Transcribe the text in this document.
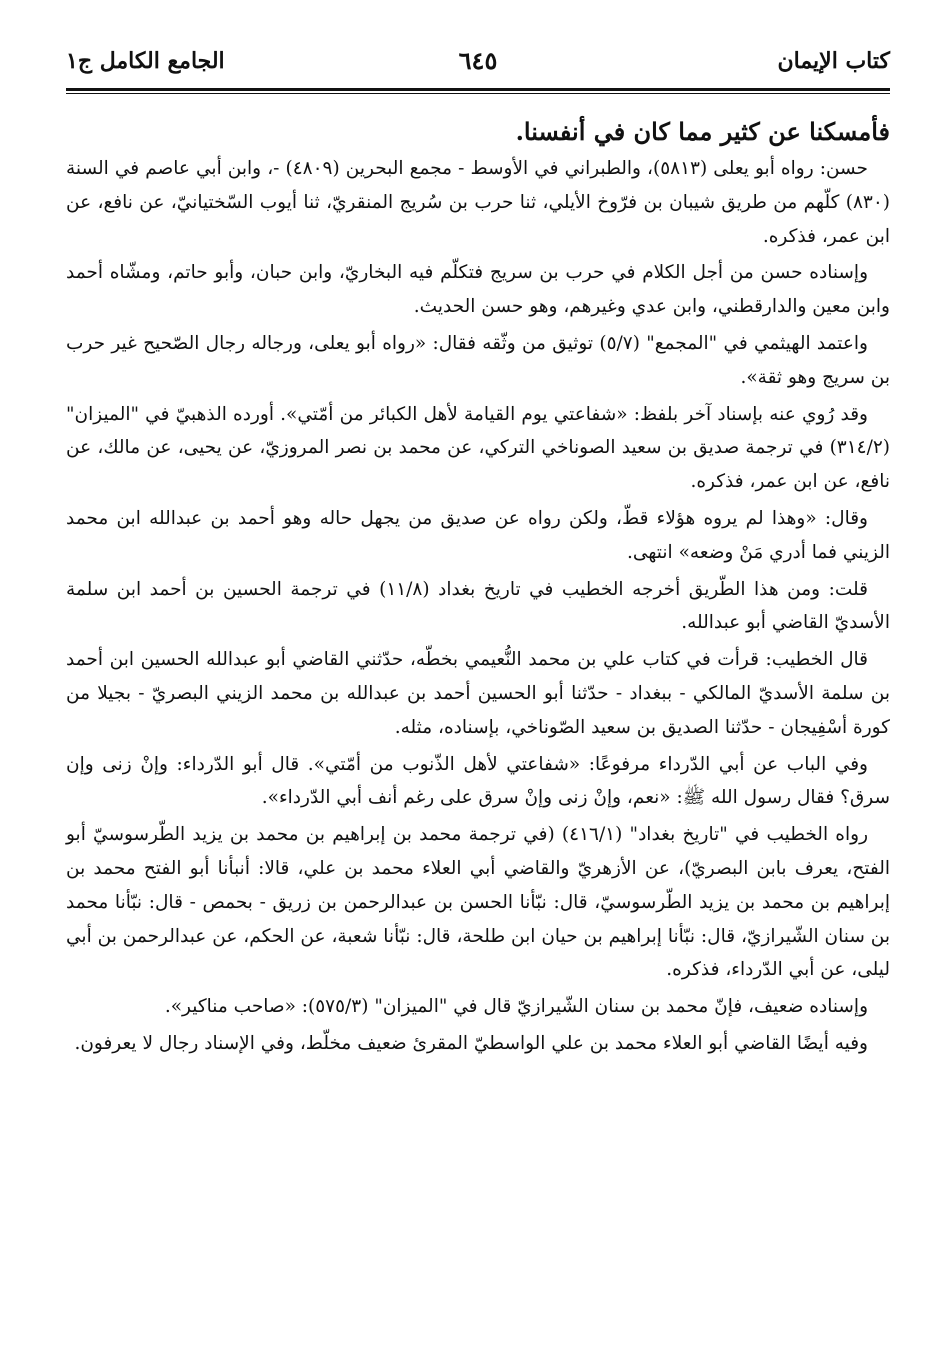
كتاب الإيمان
٦٤٥
الجامع الكامل ج١
فأمسكنا عن كثير مما كان في أنفسنا.

حسن: رواه أبو يعلى (٥٨١٣)، والطبراني في الأوسط - مجمع البحرين (٤٨٠٩) -، وابن أبي عاصم في السنة (٨٣٠) كلّهم من طريق شيبان بن فرّوخ الأيلي، ثنا حرب بن سُريج المنقريّ، ثنا أيوب السّختيانيّ، عن نافع، عن ابن عمر، فذكره.

وإسناده حسن من أجل الكلام في حرب بن سريج فتكلّم فيه البخاريّ، وابن حبان، وأبو حاتم، ومشّاه أحمد وابن معين والدارقطني، وابن عدي وغيرهم، وهو حسن الحديث.

واعتمد الهيثمي في "المجمع" (٥/٧) توثيق من وثّقه فقال: «رواه أبو يعلى، ورجاله رجال الصّحيح غير حرب بن سريج وهو ثقة».

وقد رُوي عنه بإسناد آخر بلفظ: «شفاعتي يوم القيامة لأهل الكبائر من أمّتي». أورده الذهبيّ في "الميزان" (٣١٤/٢) في ترجمة صديق بن سعيد الصوناخي التركي، عن محمد بن نصر المروزيّ، عن يحيى، عن مالك، عن نافع، عن ابن عمر، فذكره.

وقال: «وهذا لم يروه هؤلاء قطّ، ولكن رواه عن صديق من يجهل حاله وهو أحمد بن عبدالله ابن محمد الزيني فما أدري مَنْ وضعه» انتهى.

قلت: ومن هذا الطّريق أخرجه الخطيب في تاريخ بغداد (١١/٨) في ترجمة الحسين بن أحمد ابن سلمة الأسديّ القاضي أبو عبدالله.

قال الخطيب: قرأت في كتاب علي بن محمد النُّعيمي بخطّه، حدّثني القاضي أبو عبدالله الحسين ابن أحمد بن سلمة الأسديّ المالكي - ببغداد - حدّثنا أبو الحسين أحمد بن عبدالله بن محمد الزيني البصريّ - بجيلا من كورة أسْفِيجان - حدّثنا الصديق بن سعيد الصّوناخي، بإسناده، مثله.

وفي الباب عن أبي الدّرداء مرفوعًا: «شفاعتي لأهل الذّنوب من أمّتي». قال أبو الدّرداء: وإنْ زنى وإن سرق؟ فقال رسول الله ﷺ: «نعم، وإنْ زنى وإنْ سرق على رغم أنف أبي الدّرداء».

رواه الخطيب في "تاريخ بغداد" (٤١٦/١) (في ترجمة محمد بن إبراهيم بن محمد بن يزيد الطّرسوسيّ أبو الفتح، يعرف بابن البصريّ)، عن الأزهريّ والقاضي أبي العلاء محمد بن علي، قالا: أنبأنا أبو الفتح محمد بن إبراهيم بن محمد بن يزيد الطّرسوسيّ، قال: نبّأنا الحسن بن عبدالرحمن بن زريق - بحمص - قال: نبّأنا محمد بن سنان الشّيرازيّ، قال: نبّأنا إبراهيم بن حيان ابن طلحة، قال: نبّأنا شعبة، عن الحكم، عن عبدالرحمن بن أبي ليلى، عن أبي الدّرداء، فذكره.

وإسناده ضعيف، فإنّ محمد بن سنان الشّيرازيّ قال في "الميزان" (٥٧٥/٣): «صاحب مناكير».

وفيه أيضًا القاضي أبو العلاء محمد بن علي الواسطيّ المقرئ ضعيف مخلّط، وفي الإسناد رجال لا يعرفون.
